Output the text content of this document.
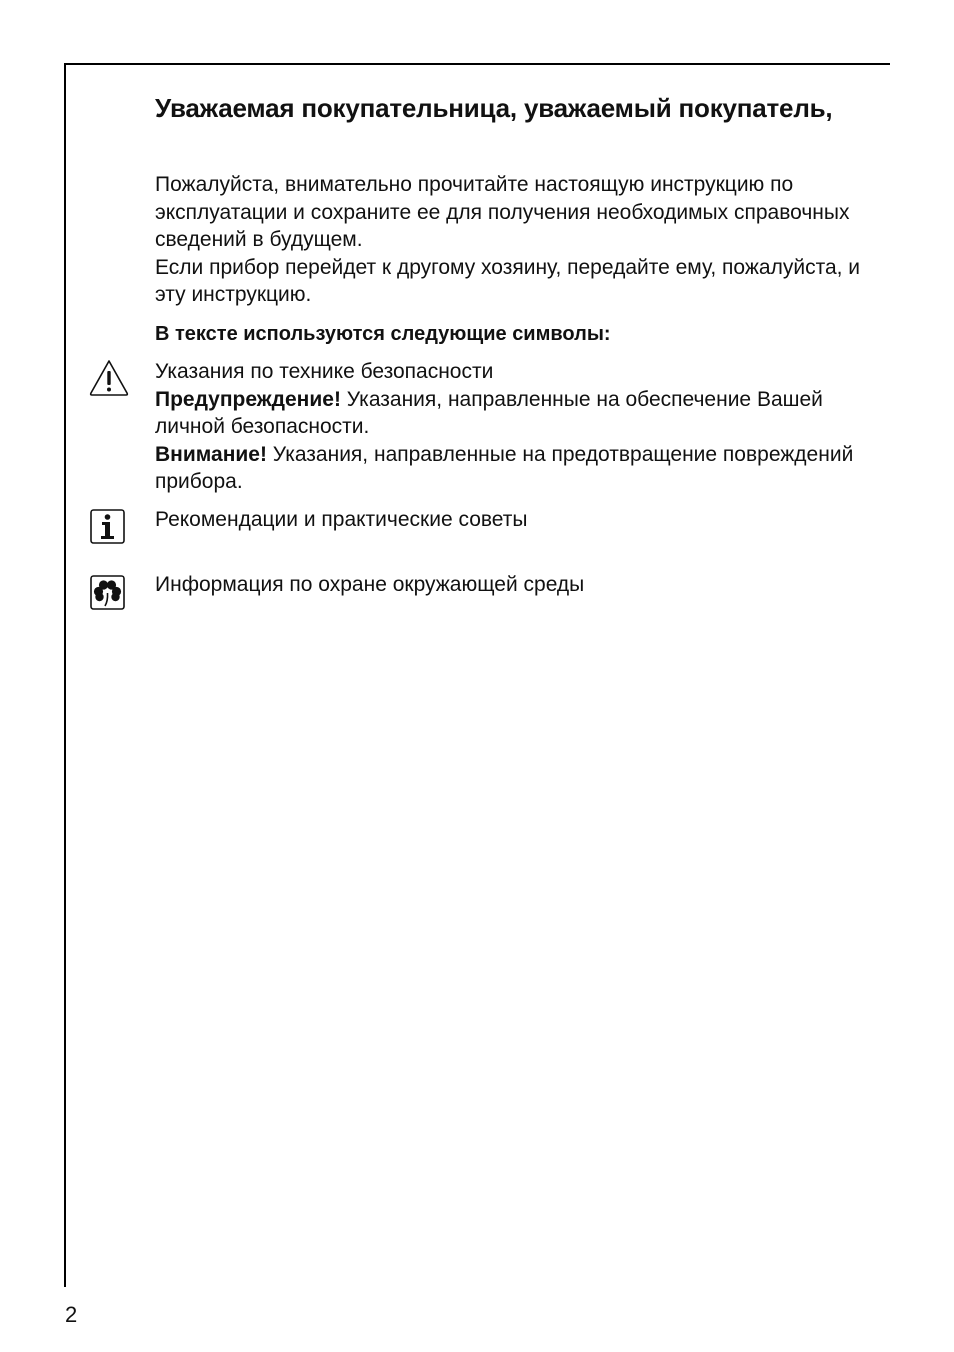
Уважаемая покупательница, уважаемый покупатель,

Пожалуйста, внимательно прочитайте настоящую инструкцию по эксплуатации и сохраните ее для получения необходимых справочных сведений в будущем.

Если прибор перейдет к другому хозяину, передайте ему, пожалуйста, и эту инструкцию.

В тексте используются следующие символы:

Указания по технике безопасности

Предупреждение! Указания, направленные на обеспечение Вашей личной безопасности.

Внимание! Указания, направленные на предотвращение повреждений прибора.

Рекомендации и практические советы

Информация по охране окружающей среды

2
